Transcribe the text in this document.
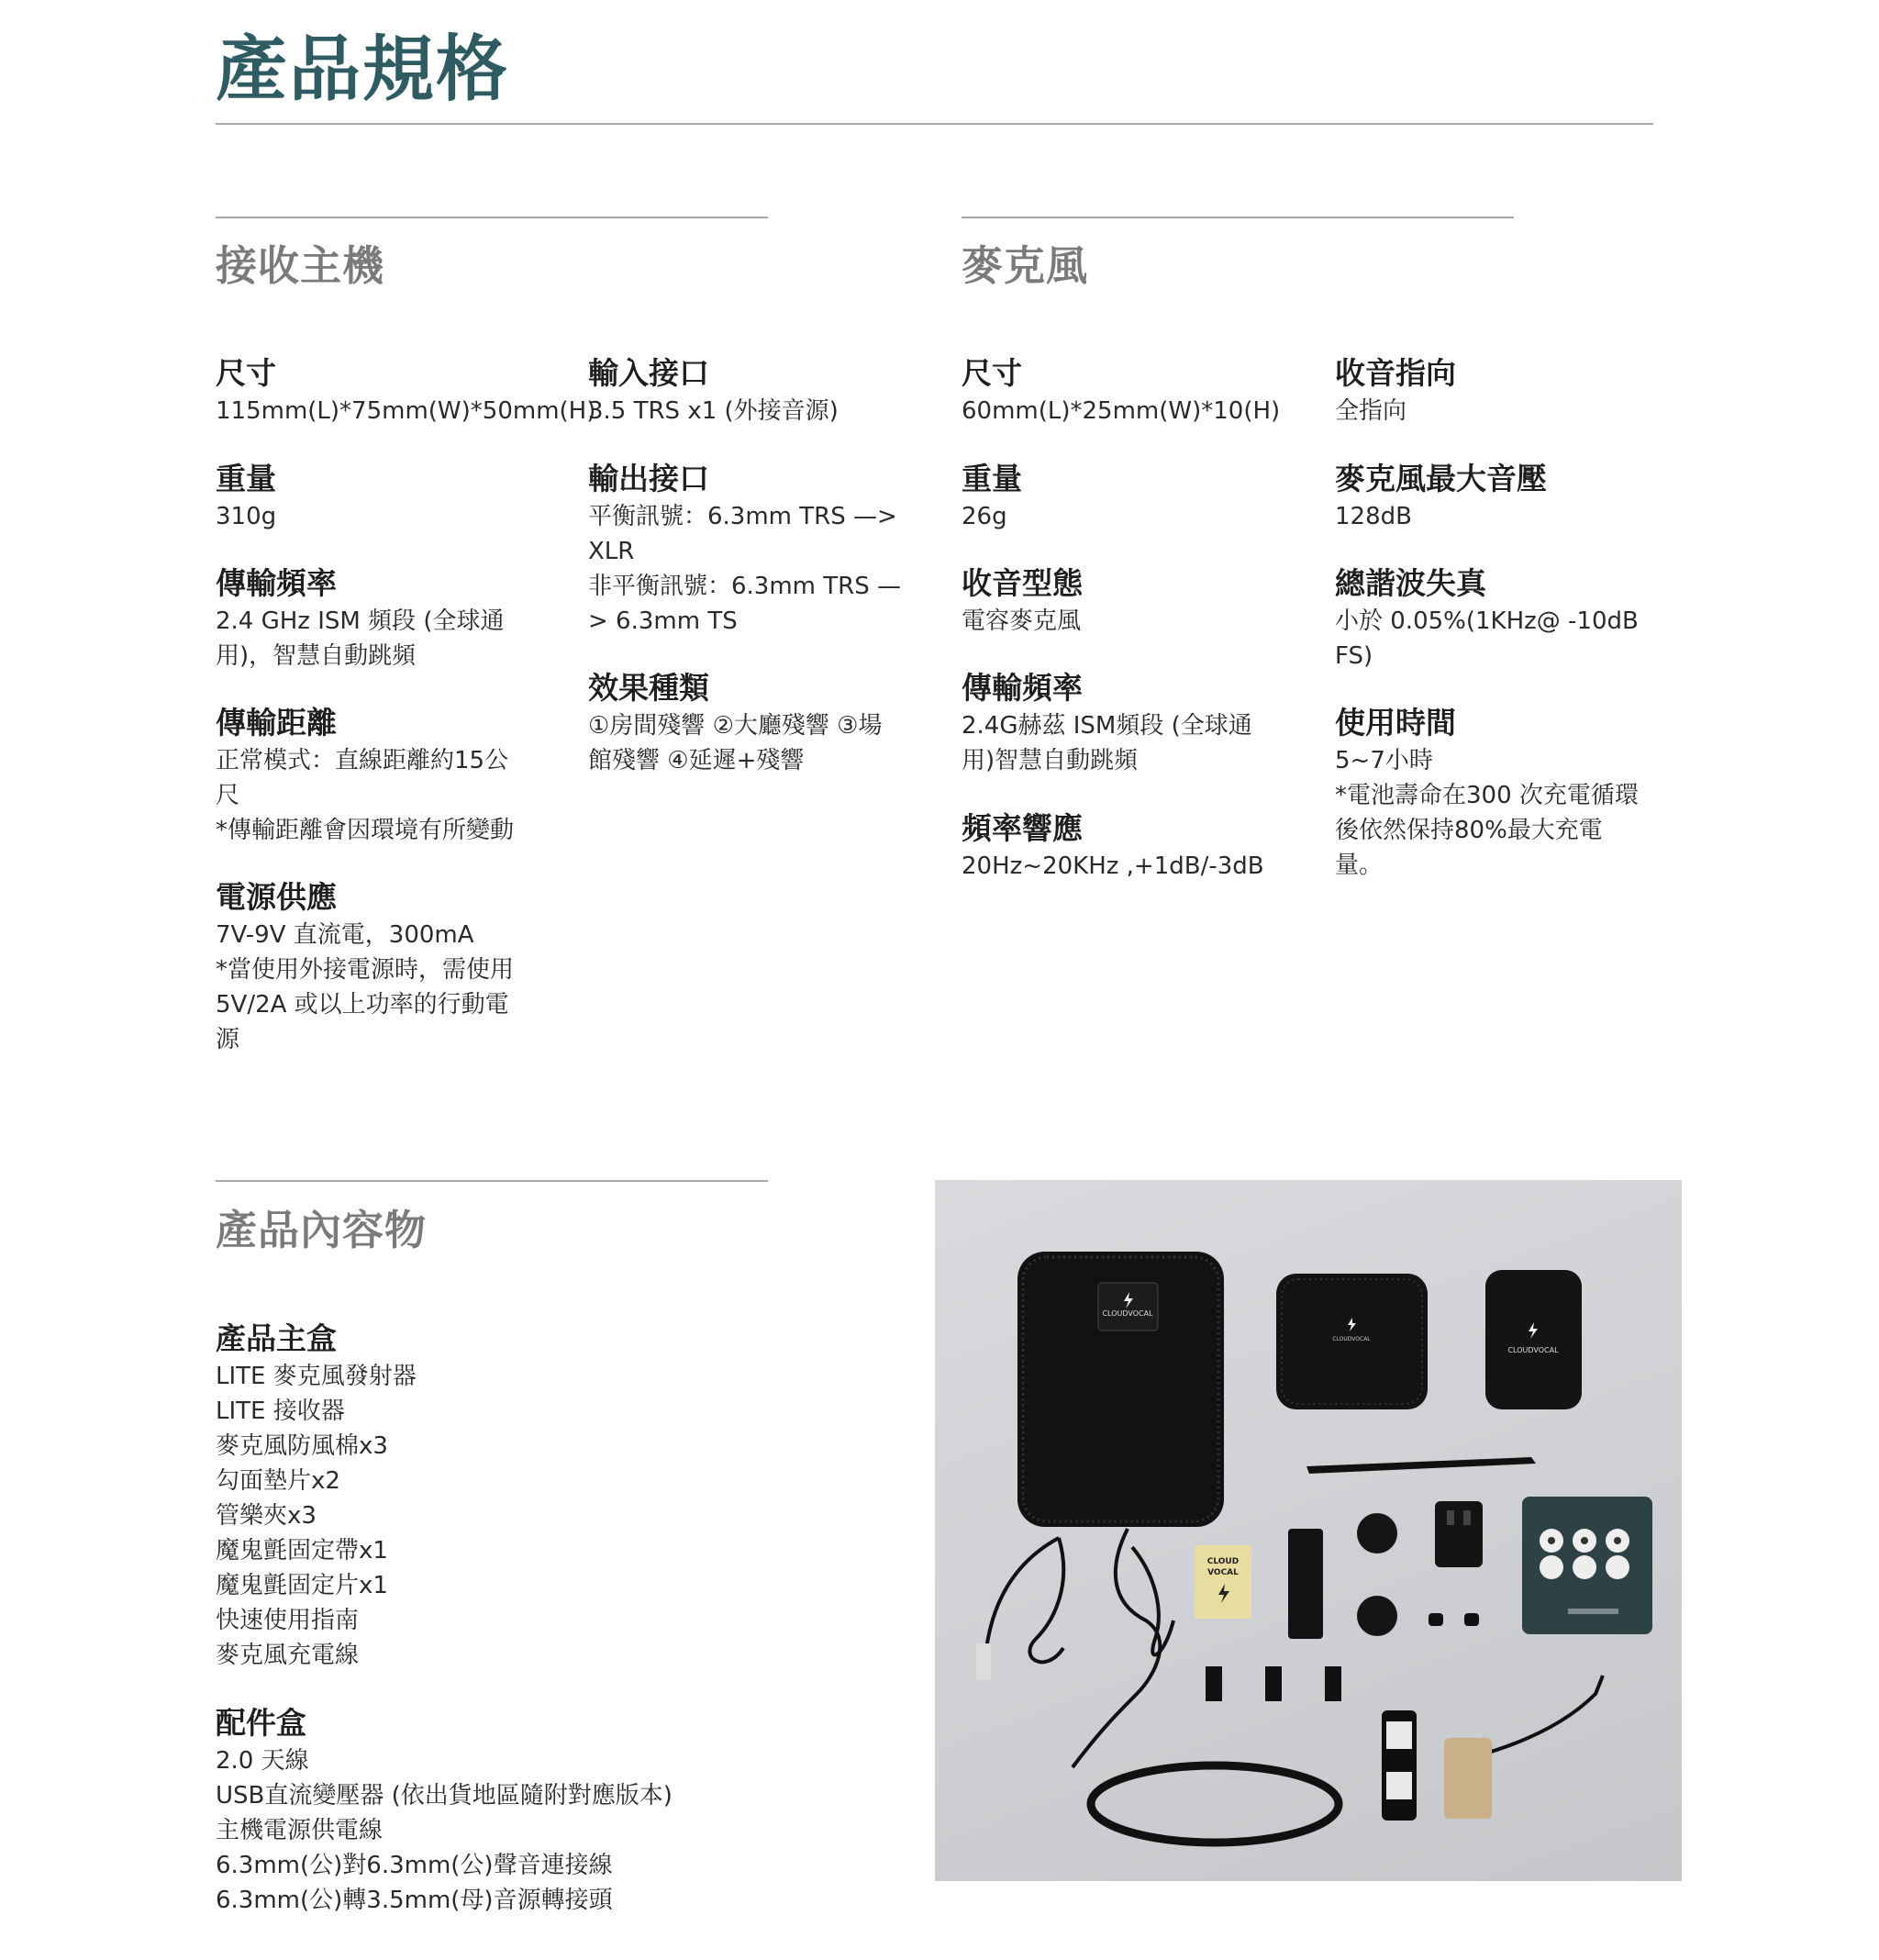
產品規格
接收主機
尺寸
115mm(L)*75mm(W)*50mm(H)
重量
310g
傳輸頻率
2.4 GHz ISM 頻段 (全球通
用)，智慧自動跳頻
傳輸距離
正常模式：直線距離約15公
尺
*傳輸距離會因環境有所變動
電源供應
7V-9V 直流電，300mA
*當使用外接電源時，需使用
5V/2A 或以上功率的行動電
源
輸入接口
3.5 TRS x1 (外接音源)
輸出接口
平衡訊號：6.3mm TRS —>
XLR
非平衡訊號：6.3mm TRS —
> 6.3mm TS
效果種類
①房間殘響 ②大廳殘響 ③場
館殘響 ④延遲+殘響
麥克風
尺寸
60mm(L)*25mm(W)*10(H)
重量
26g
收音型態
電容麥克風
傳輸頻率
2.4G赫茲 ISM頻段 (全球通
用)智慧自動跳頻
頻率響應
20Hz~20KHz ,+1dB/-3dB
收音指向
全指向
麥克風最大音壓
128dB
總諧波失真
小於 0.05%(1KHz@ -10dB
FS)
使用時間
5~7小時
*電池壽命在300 次充電循環
後依然保持80%最大充電
量。
產品內容物
產品主盒
LITE 麥克風發射器
LITE 接收器
麥克風防風棉x3
勾面墊片x2
管樂夾x3
魔鬼氈固定帶x1
魔鬼氈固定片x1
快速使用指南
麥克風充電線
配件盒
2.0 天線
USB直流變壓器 (依出貨地區隨附對應版本)
主機電源供電線
6.3mm(公)對6.3mm(公)聲音連接線
6.3mm(公)轉3.5mm(母)音源轉接頭
CLOUDVOCAL
CLOUDVOCAL
CLOUDVOCAL
CLOUD
VOCAL
